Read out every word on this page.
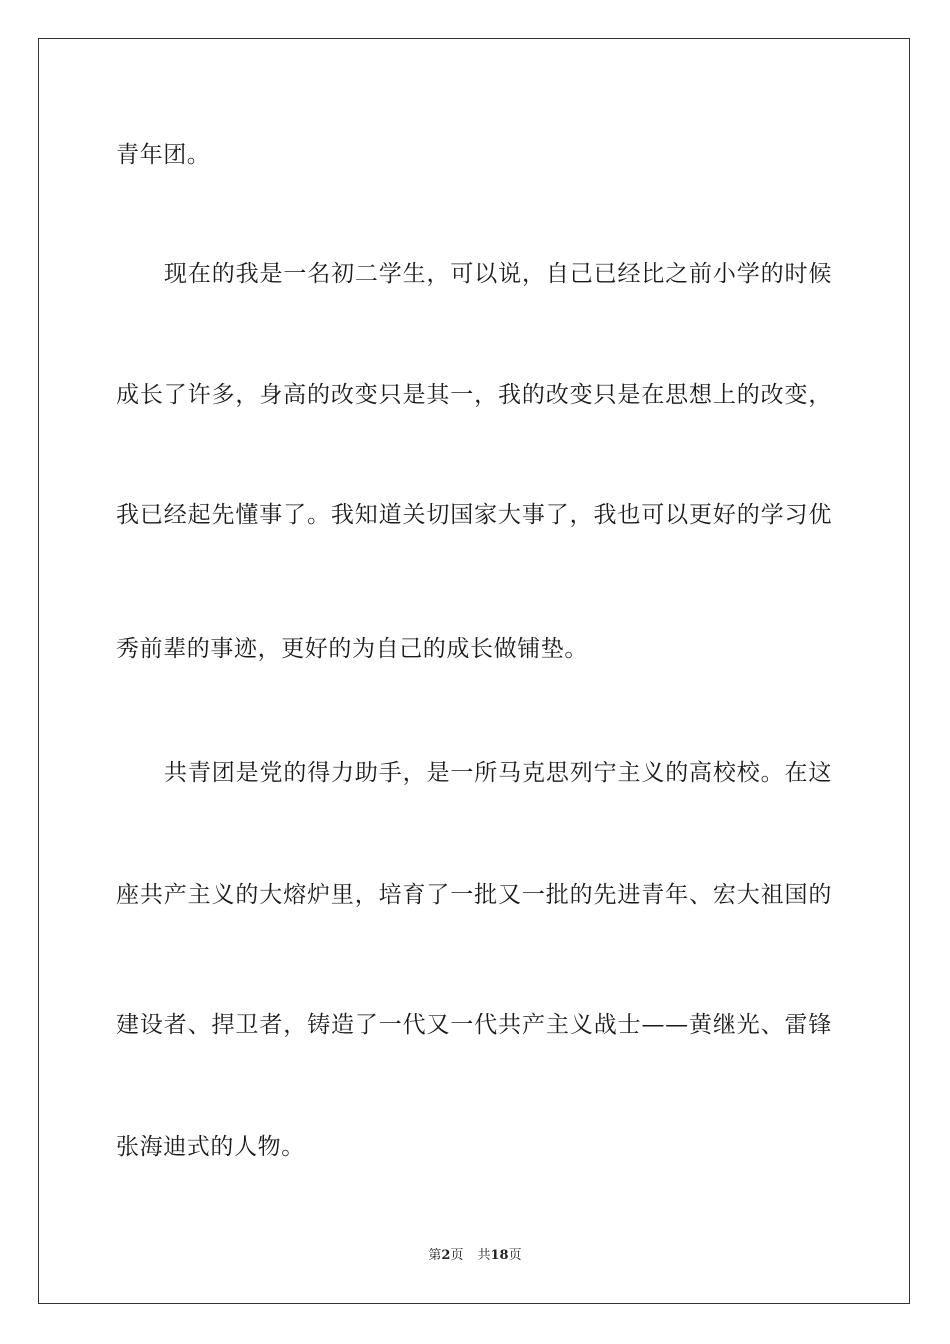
青年团。
现在的我是一名初二学生，可以说，自己已经比之前小学的时候
成长了许多，身高的改变只是其一，我的改变只是在思想上的改变，
我已经起先懂事了。我知道关切国家大事了，我也可以更好的学习优
秀前辈的事迹，更好的为自己的成长做铺垫。
共青团是党的得力助手，是一所马克思列宁主义的高校校。在这
座共产主义的大熔炉里，培育了一批又一批的先进青年、宏大祖国的
建设者、捍卫者，铸造了一代又一代共产主义战士——黄继光、雷锋
张海迪式的人物。
第2页 共18页
